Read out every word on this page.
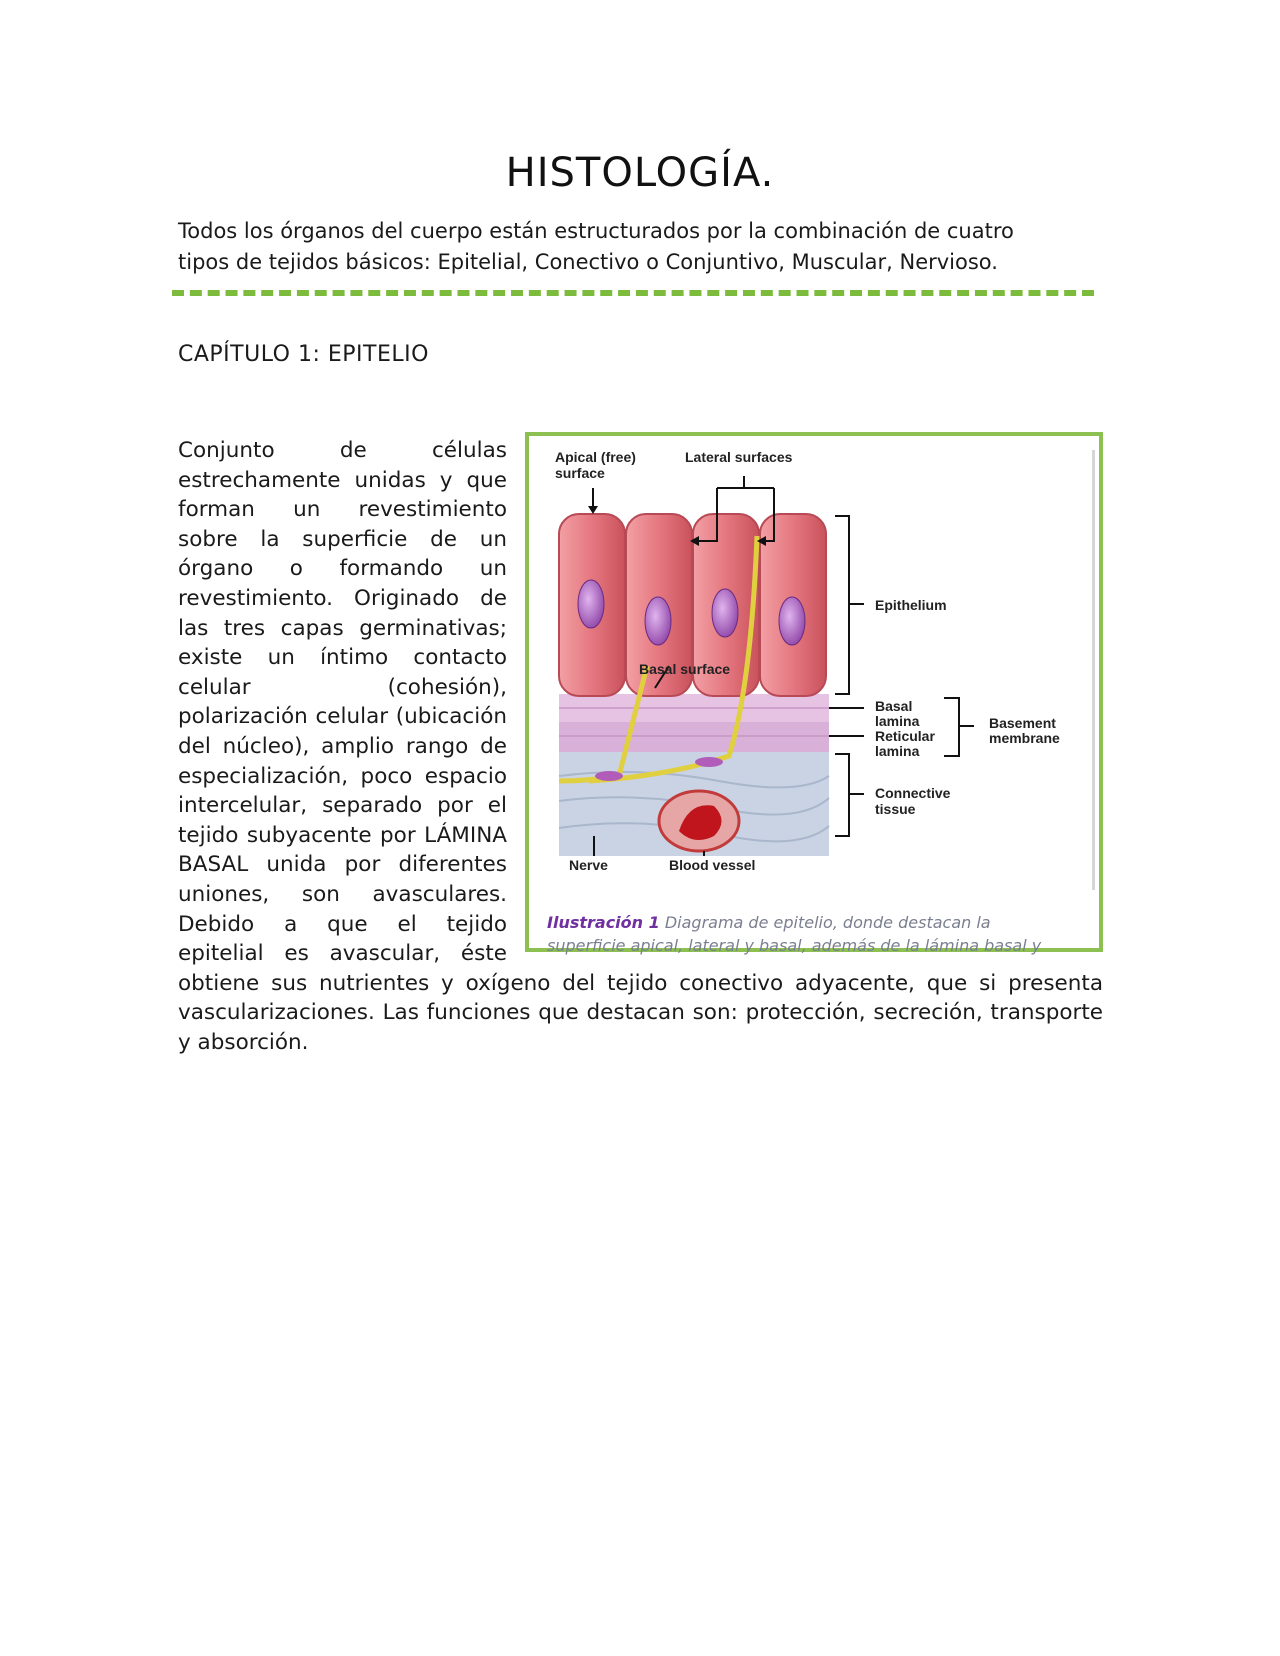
HISTOLOGÍA.
Todos los órganos del cuerpo están estructurados por la combinación de cuatro
tipos de tejidos básicos: Epitelial, Conectivo o Conjuntivo, Muscular, Nervioso.
CAPÍTULO 1: EPITELIO
Apical (free)
surface
Lateral surfaces
Epithelium
Basal surface
Basal
lamina
Reticular
lamina
Basement
membrane
Connective
tissue
Nerve	Blood vessel
Ilustración 1 Diagrama de epitelio, donde destacan la
superficie apical, lateral y basal, además de la lámina basal y
Conjunto de células estrechamente unidas y que forman un revestimiento sobre la superficie de un órgano o formando un revestimiento. Originado de las tres capas germinativas; existe un íntimo contacto celular (cohesión), polarización celular (ubicación del núcleo), amplio rango de especialización, poco espacio intercelular, separado por el tejido subyacente por LÁMINA BASAL unida por diferentes uniones, son avasculares. Debido a que el tejido epitelial es avascular, éste obtiene sus nutrientes y oxígeno del tejido conectivo adyacente, que si presenta vascularizaciones. Las funciones que destacan son: protección, secreción, transporte y absorción.
